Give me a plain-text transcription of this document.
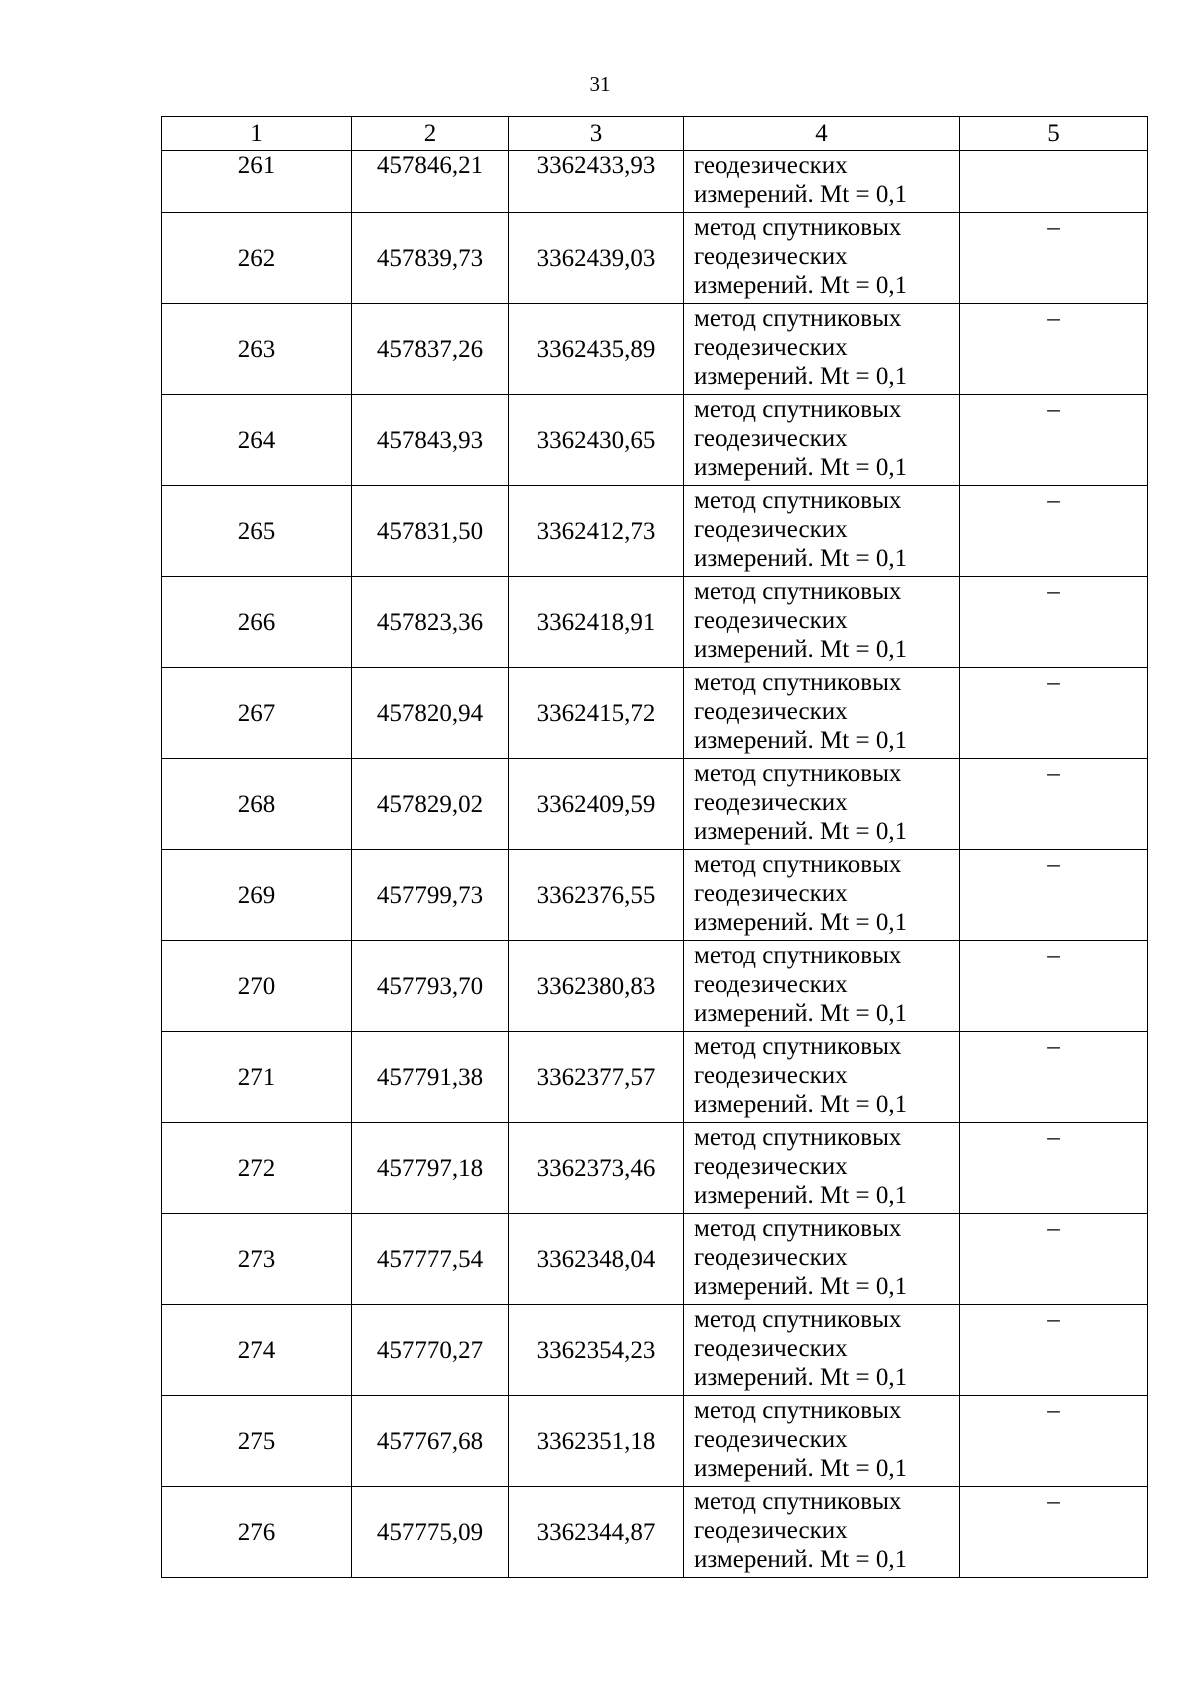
31
1	2	3	4	5
261	457846,21	3362433,93	геодезических
измерений. Mt = 0,1	

262	457839,73	3362439,03	метод спутниковых
геодезических
измерений. Mt = 0,1	–
263	457837,26	3362435,89	метод спутниковых
геодезических
измерений. Mt = 0,1	–
264	457843,93	3362430,65	метод спутниковых
геодезических
измерений. Mt = 0,1	–
265	457831,50	3362412,73	метод спутниковых
геодезических
измерений. Mt = 0,1	–
266	457823,36	3362418,91	метод спутниковых
геодезических
измерений. Mt = 0,1	–
267	457820,94	3362415,72	метод спутниковых
геодезических
измерений. Mt = 0,1	–
268	457829,02	3362409,59	метод спутниковых
геодезических
измерений. Mt = 0,1	–
269	457799,73	3362376,55	метод спутниковых
геодезических
измерений. Mt = 0,1	–
270	457793,70	3362380,83	метод спутниковых
геодезических
измерений. Mt = 0,1	–
271	457791,38	3362377,57	метод спутниковых
геодезических
измерений. Mt = 0,1	–
272	457797,18	3362373,46	метод спутниковых
геодезических
измерений. Mt = 0,1	–
273	457777,54	3362348,04	метод спутниковых
геодезических
измерений. Mt = 0,1	–
274	457770,27	3362354,23	метод спутниковых
геодезических
измерений. Mt = 0,1	–
275	457767,68	3362351,18	метод спутниковых
геодезических
измерений. Mt = 0,1	–
276	457775,09	3362344,87	метод спутниковых
геодезических
измерений. Mt = 0,1	–
